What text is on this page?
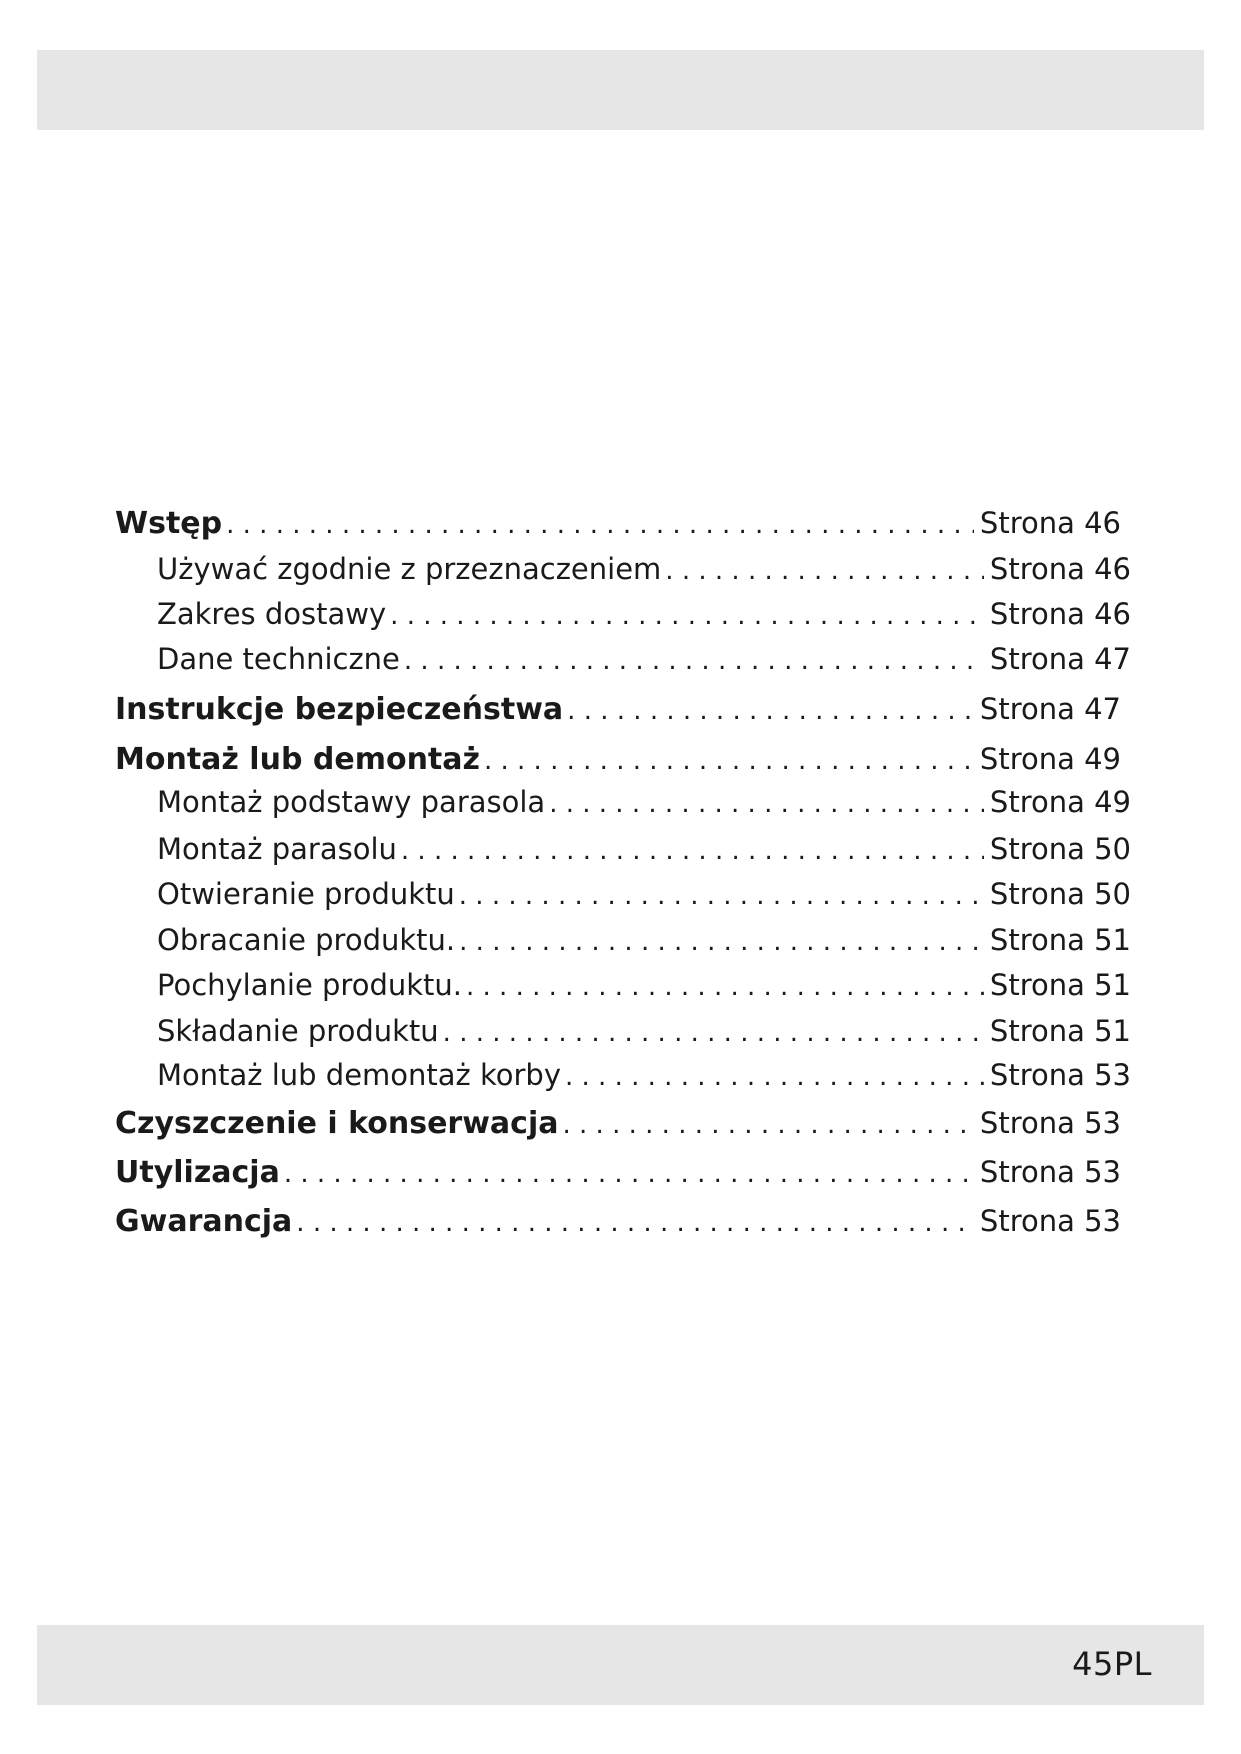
Wstęp . . .	Strona 46
Używać zgodnie z przeznaczeniem . . .	Strona 46
Zakres dostawy . . .	Strona 46
Dane techniczne . . .	Strona 47
Instrukcje bezpieczeństwa . . .	Strona 47
Montaż lub demontaż . . .	Strona 49
Montaż podstawy parasola . . .	Strona 49
Montaż parasolu . . .	Strona 50
Otwieranie produktu . . .	Strona 50
Obracanie produktu. . . .	Strona 51
Pochylanie produktu. . . .	Strona 51
Składanie produktu . . .	Strona 51
Montaż lub demontaż korby . . .	Strona 53
Czyszczenie i konserwacja . . .	Strona 53
Utylizacja . . .	Strona 53
Gwarancja . . .	Strona 53
45PL
